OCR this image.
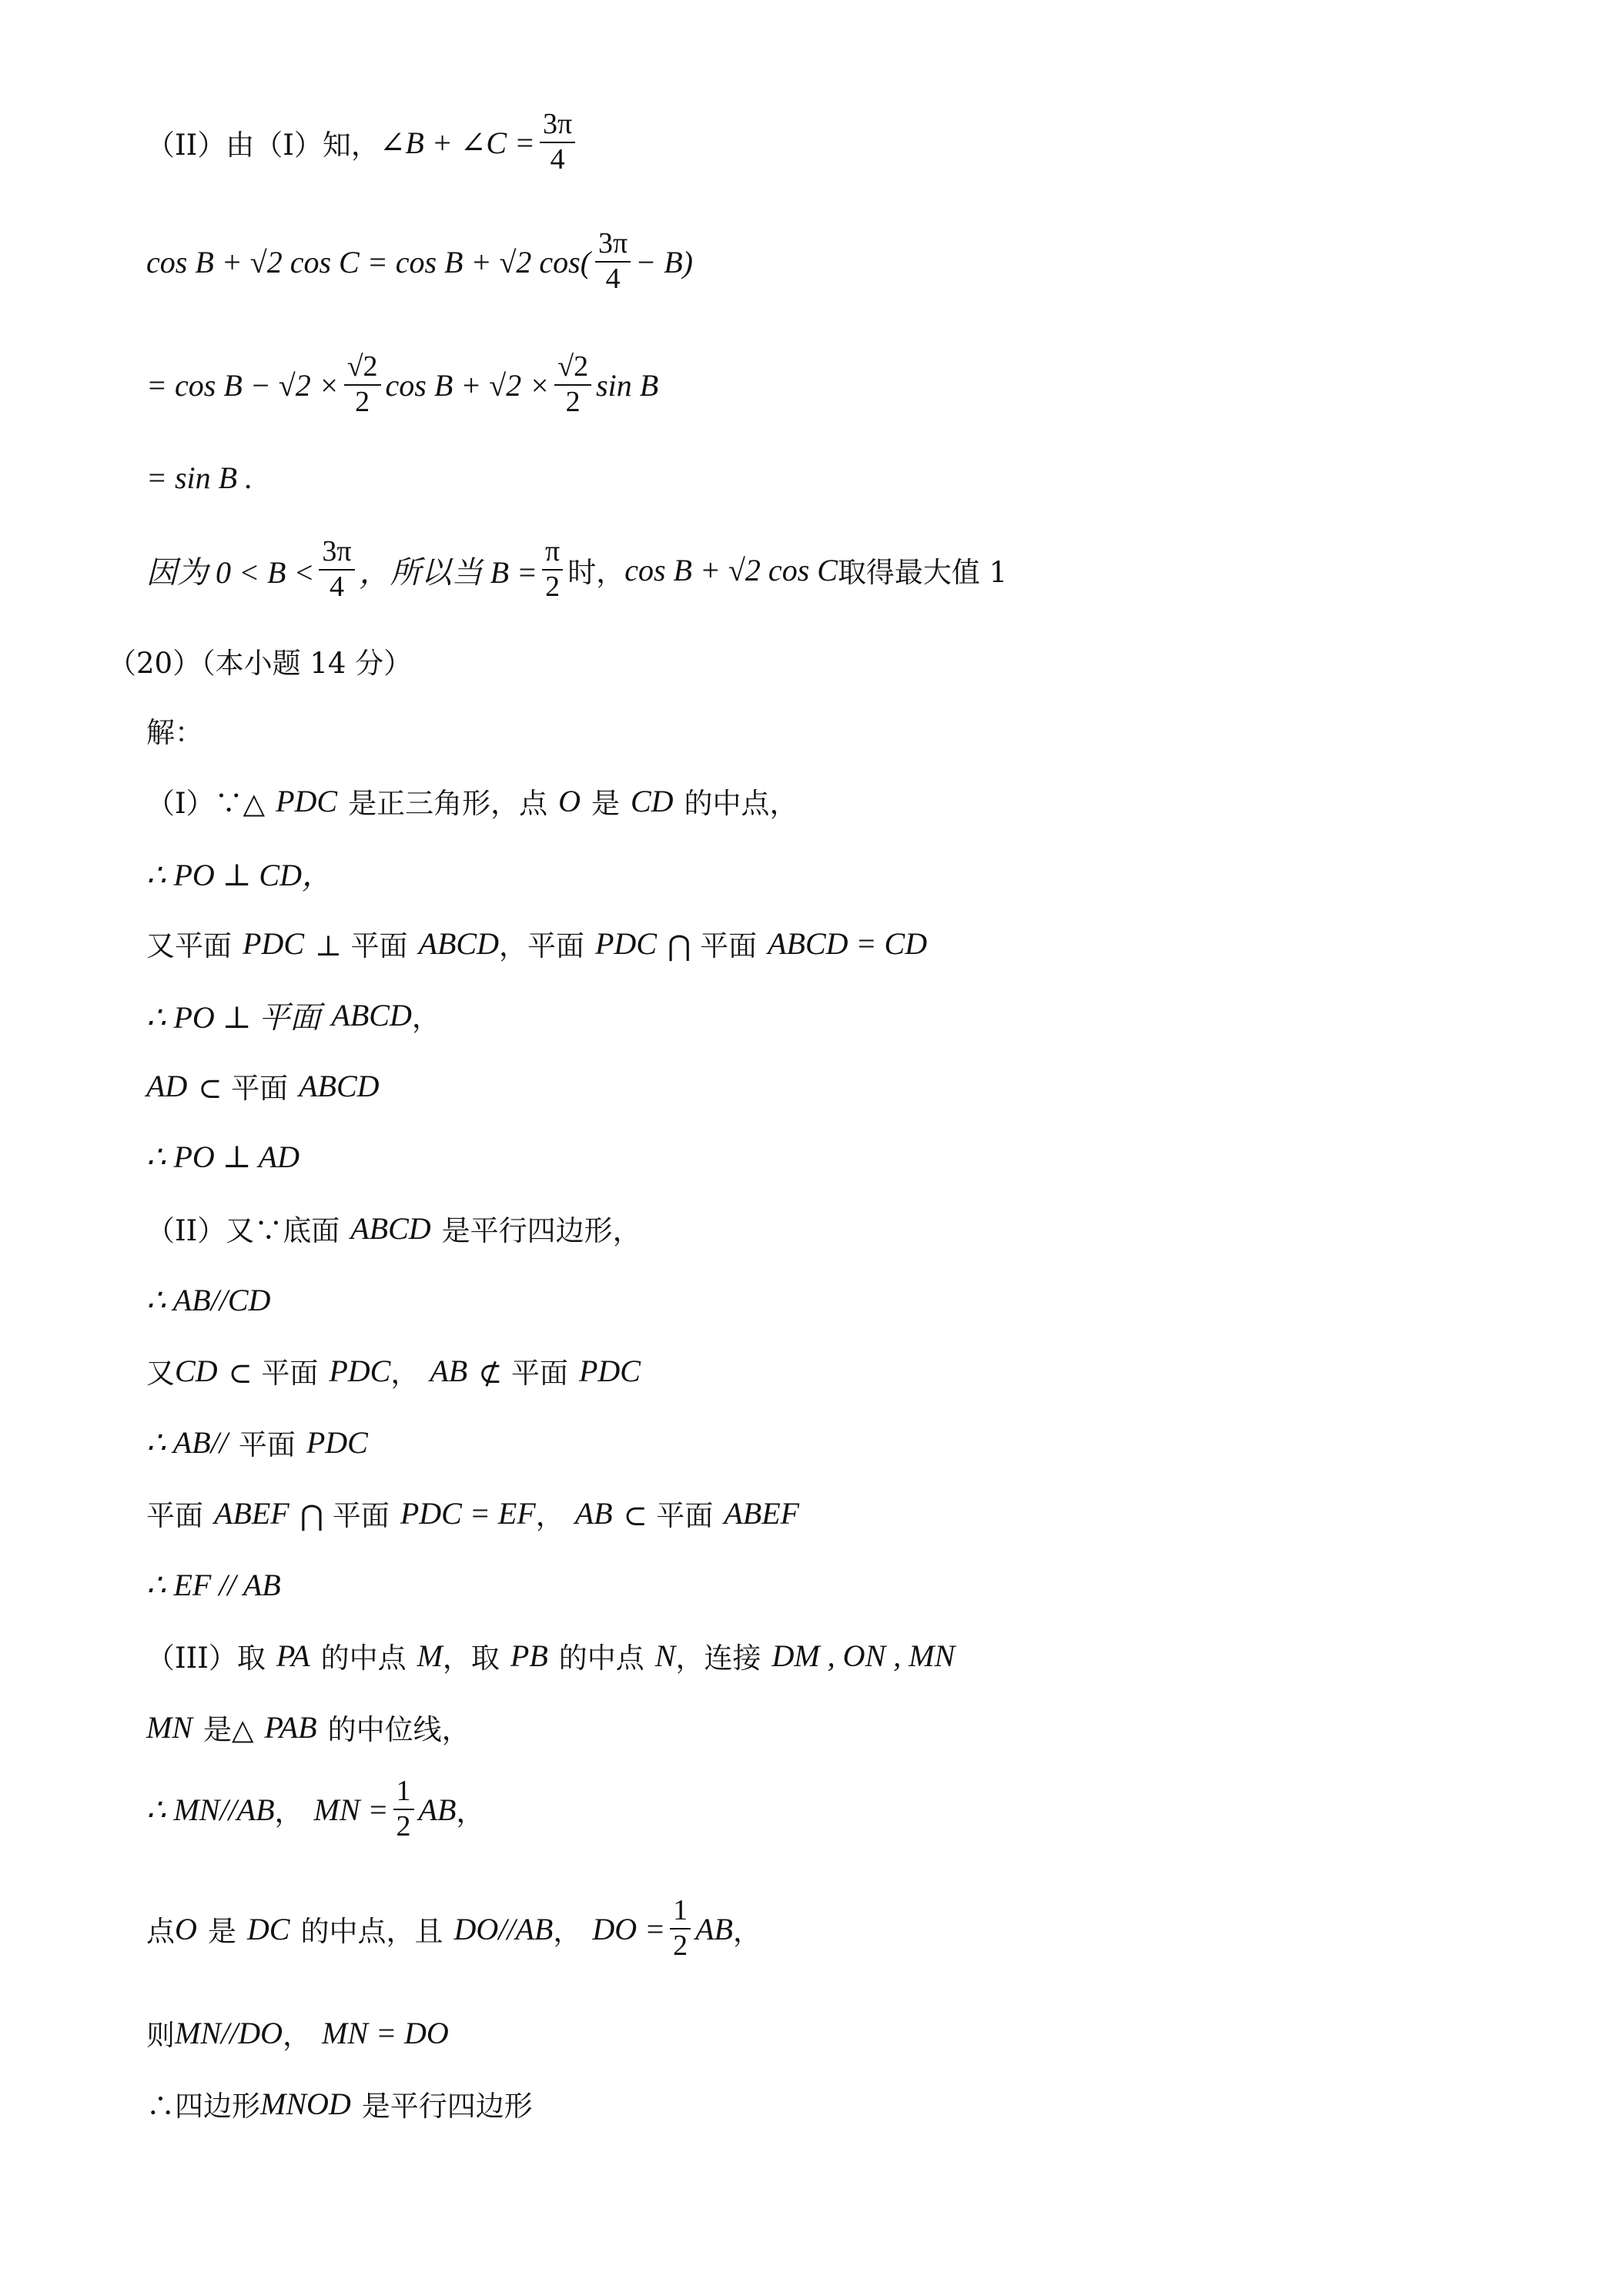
（II）由（I）知， ∠B + ∠C = $\frac{3\pi}{4}$
cos B + √2 cos C = cos B + √2 $\cos( \frac{3\pi}{4} - B)$
= $\cos B - √2 \times \frac{√2}{2}$ $\cos B + √2 \times \frac{√2}{2}$ sin B
= sin B .
因为 $0 < B < \frac{3\pi}{4}$ ，所以当 $B = \frac{\pi}{2}$ 时， cos B + √2 cos C 取得最大值 1
（20）（本小题 14 分）
解：
（I）∵△ PDC 是正三角形，点 O 是 CD 的中点，
∴ PO ⊥ CD，
又平面 PDC ⊥ 平面 ABCD ，平面 PDC ⋂ 平面 ABCD = CD
∴ PO ⊥ 平面 ABCD ，
AD ⊂ 平面 ABCD
∴ PO ⊥ AD
（II）又∵底面 ABCD 是平行四边形，
∴ AB//CD
又 CD ⊂ 平面 PDC ， AB ⊄ 平面 PDC
∴ AB// 平面 PDC
平面 ABEF ⋂ 平面 PDC = EF ， AB ⊂ 平面 ABEF
∴ EF // AB
（III）取 PA 的中点 M ，取 PB 的中点 N ，连接 DM , ON , MN
MN 是△ PAB 的中位线，
∴ MN//AB ， MN = $\frac{1}{2}$ AB ，
点 O 是 DC 的中点，且 DO//AB ， DO = $\frac{1}{2}$ AB ，
则 MN//DO ， MN = DO
∴四边形 MNOD 是平行四边形
